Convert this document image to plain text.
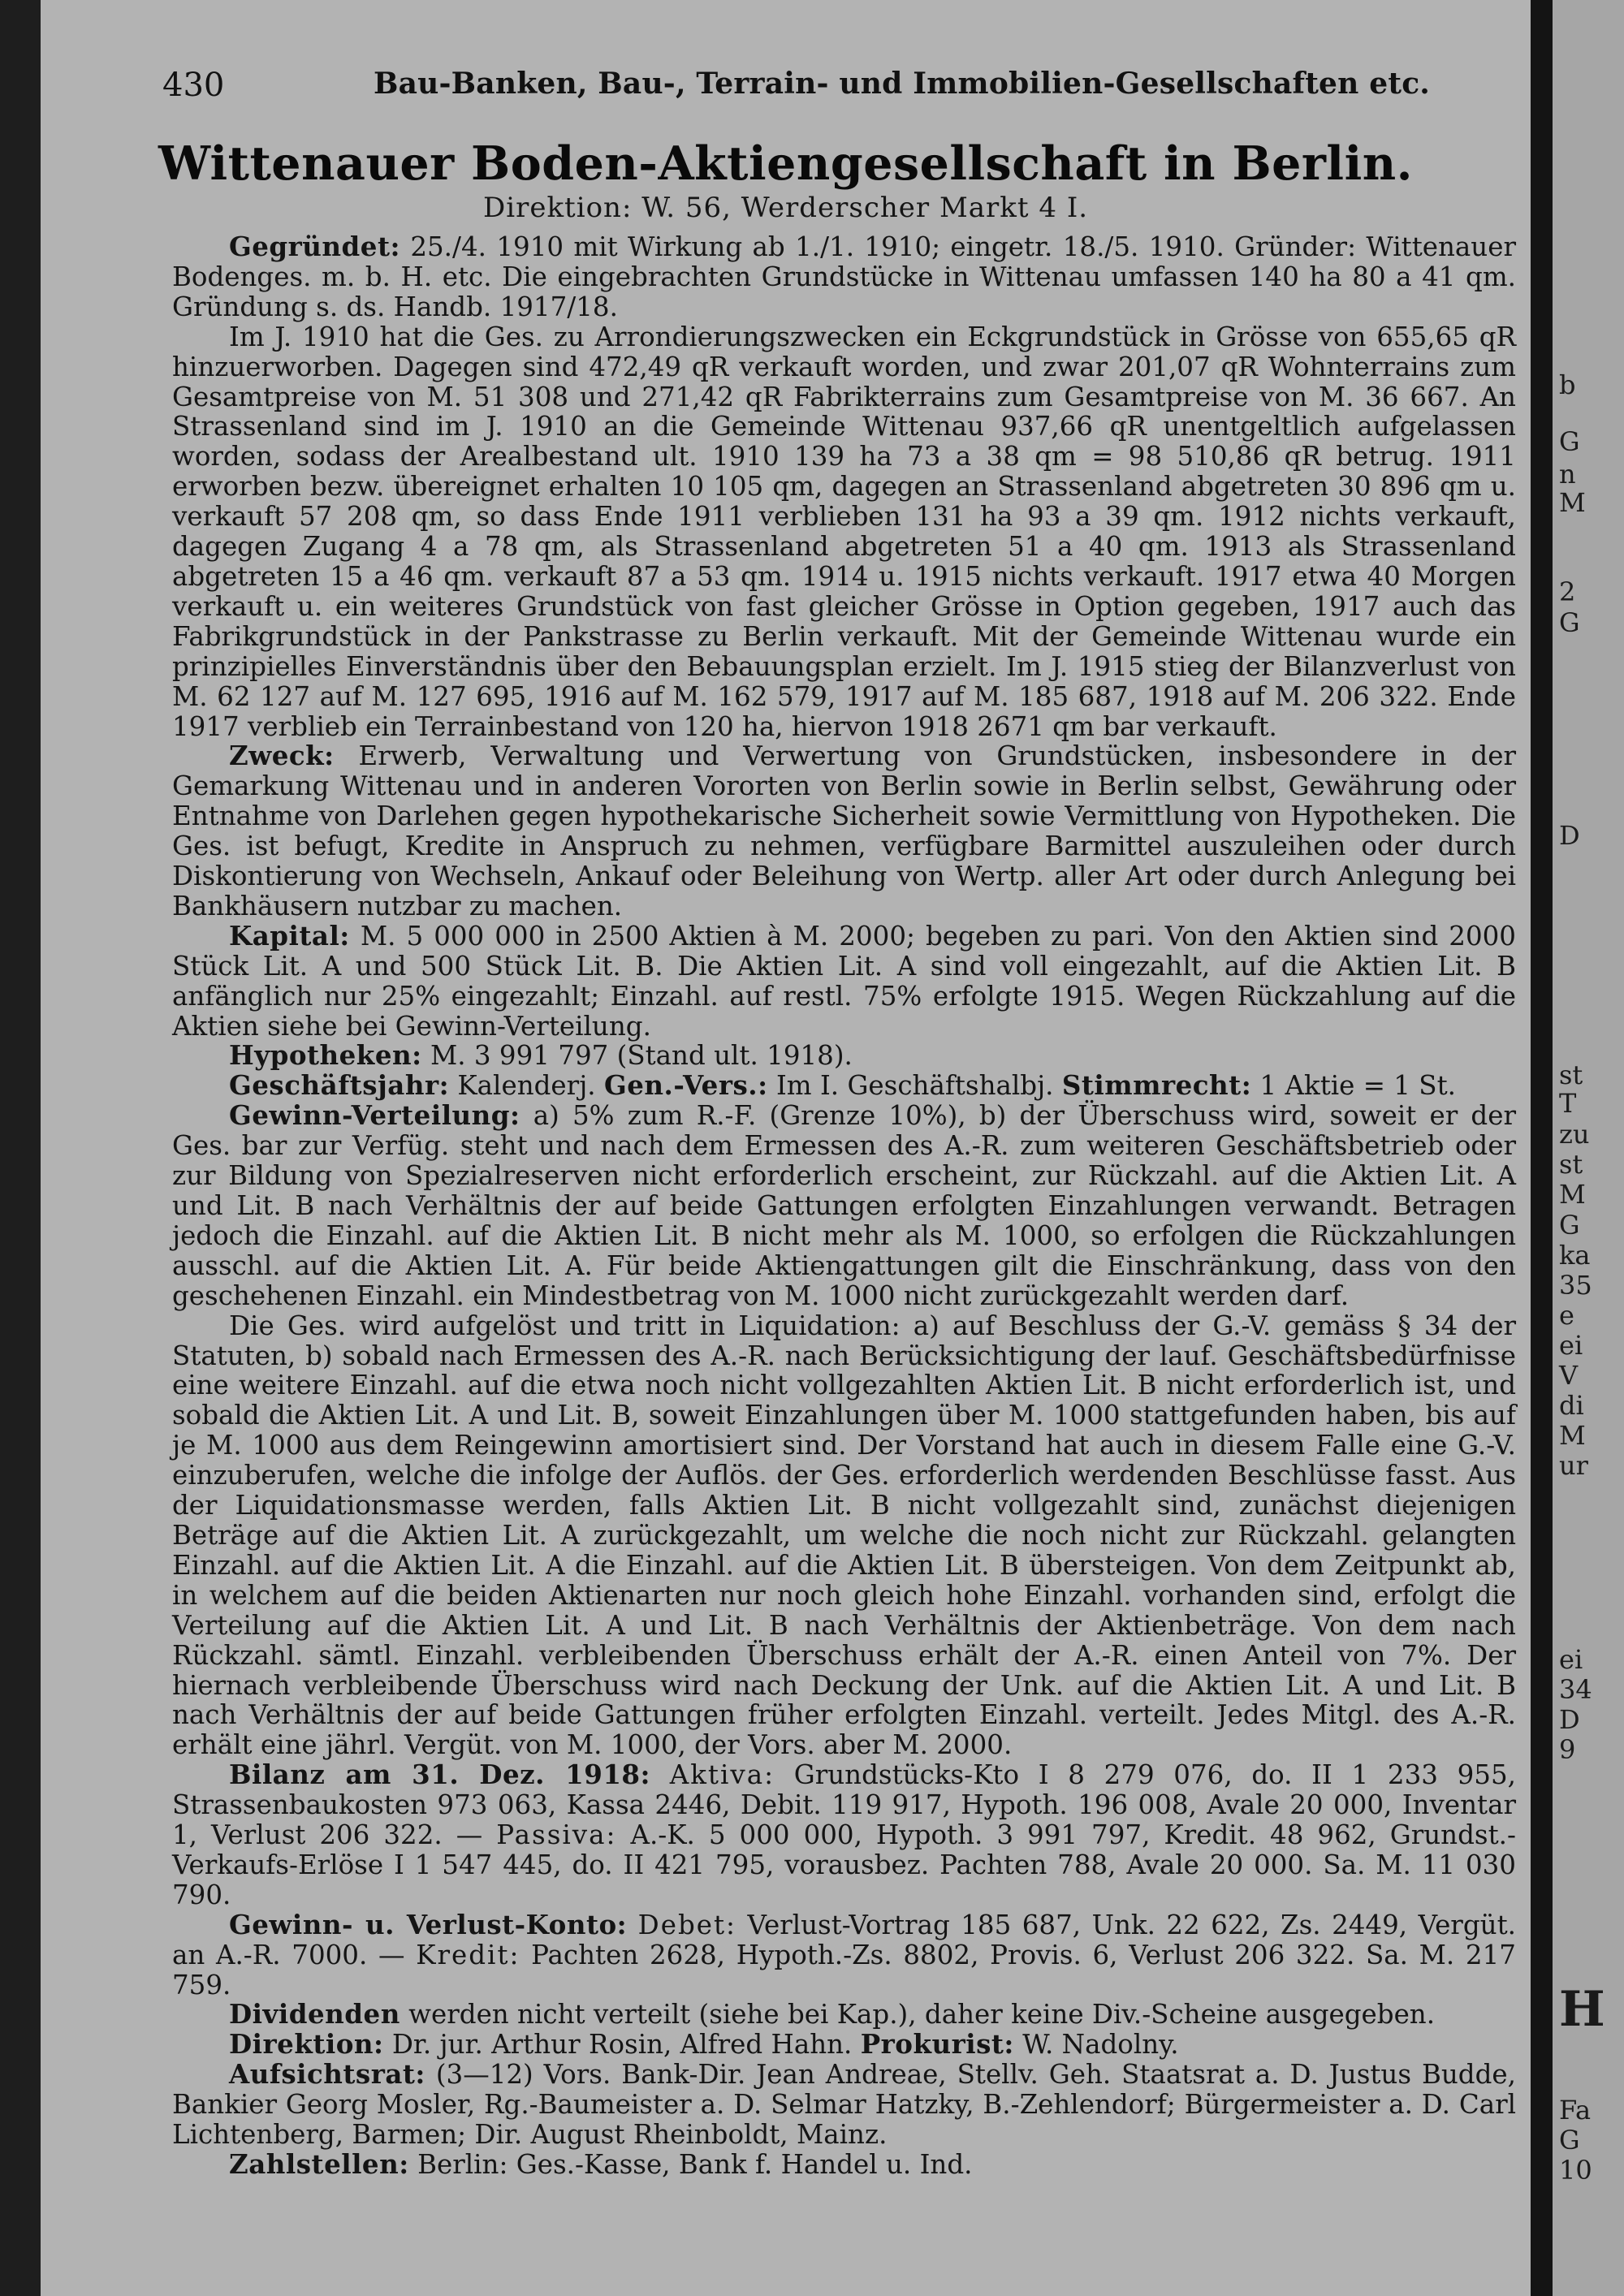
430	Bau-Banken, Bau-, Terrain- und Immobilien-Gesellschaften etc.
Wittenauer Boden-Aktiengesellschaft in Berlin.
Direktion: W. 56, Werderscher Markt 4 I.

Gegründet: 25./4. 1910 mit Wirkung ab 1./1. 1910; eingetr. 18./5. 1910. Gründer: Wittenauer Bodenges. m. b. H. etc. Die eingebrachten Grundstücke in Wittenau umfassen 140 ha 80 a 41 qm. Gründung s. ds. Handb. 1917/18.

Im J. 1910 hat die Ges. zu Arrondierungszwecken ein Eckgrundstück in Grösse von 655,65 qR hinzuerworben. Dagegen sind 472,49 qR verkauft worden, und zwar 201,07 qR Wohnterrains zum Gesamtpreise von M. 51 308 und 271,42 qR Fabrikterrains zum Gesamtpreise von M. 36 667. An Strassenland sind im J. 1910 an die Gemeinde Wittenau 937,66 qR unentgeltlich aufgelassen worden, sodass der Arealbestand ult. 1910 139 ha 73 a 38 qm = 98 510,86 qR betrug. 1911 erworben bezw. übereignet erhalten 10 105 qm, dagegen an Strassenland abgetreten 30 896 qm u. verkauft 57 208 qm, so dass Ende 1911 verblieben 131 ha 93 a 39 qm. 1912 nichts verkauft, dagegen Zugang 4 a 78 qm, als Strassenland abgetreten 51 a 40 qm. 1913 als Strassenland abgetreten 15 a 46 qm. verkauft 87 a 53 qm. 1914 u. 1915 nichts verkauft. 1917 etwa 40 Morgen verkauft u. ein weiteres Grundstück von fast gleicher Grösse in Option gegeben, 1917 auch das Fabrikgrundstück in der Pankstrasse zu Berlin verkauft. Mit der Gemeinde Wittenau wurde ein prinzipielles Einverständnis über den Bebauungsplan erzielt. Im J. 1915 stieg der Bilanzverlust von M. 62 127 auf M. 127 695, 1916 auf M. 162 579, 1917 auf M. 185 687, 1918 auf M. 206 322. Ende 1917 verblieb ein Terrainbestand von 120 ha, hiervon 1918 2671 qm bar verkauft.

Zweck: Erwerb, Verwaltung und Verwertung von Grundstücken, insbesondere in der Gemarkung Wittenau und in anderen Vororten von Berlin sowie in Berlin selbst, Gewährung oder Entnahme von Darlehen gegen hypothekarische Sicherheit sowie Vermittlung von Hypotheken. Die Ges. ist befugt, Kredite in Anspruch zu nehmen, verfügbare Barmittel auszuleihen oder durch Diskontierung von Wechseln, Ankauf oder Beleihung von Wertp. aller Art oder durch Anlegung bei Bankhäusern nutzbar zu machen.

Kapital: M. 5 000 000 in 2500 Aktien à M. 2000; begeben zu pari. Von den Aktien sind 2000 Stück Lit. A und 500 Stück Lit. B. Die Aktien Lit. A sind voll eingezahlt, auf die Aktien Lit. B anfänglich nur 25% eingezahlt; Einzahl. auf restl. 75% erfolgte 1915. Wegen Rückzahlung auf die Aktien siehe bei Gewinn-Verteilung.

Hypotheken: M. 3 991 797 (Stand ult. 1918).

Geschäftsjahr: Kalenderj. Gen.-Vers.: Im I. Geschäftshalbj. Stimmrecht: 1 Aktie = 1 St.

Gewinn-Verteilung: a) 5% zum R.-F. (Grenze 10%), b) der Überschuss wird, soweit er der Ges. bar zur Verfüg. steht und nach dem Ermessen des A.-R. zum weiteren Geschäftsbetrieb oder zur Bildung von Spezialreserven nicht erforderlich erscheint, zur Rückzahl. auf die Aktien Lit. A und Lit. B nach Verhältnis der auf beide Gattungen erfolgten Einzahlungen verwandt. Betragen jedoch die Einzahl. auf die Aktien Lit. B nicht mehr als M. 1000, so erfolgen die Rückzahlungen ausschl. auf die Aktien Lit. A. Für beide Aktiengattungen gilt die Einschränkung, dass von den geschehenen Einzahl. ein Mindestbetrag von M. 1000 nicht zurückgezahlt werden darf.

Die Ges. wird aufgelöst und tritt in Liquidation: a) auf Beschluss der G.-V. gemäss § 34 der Statuten, b) sobald nach Ermessen des A.-R. nach Berücksichtigung der lauf. Geschäftsbedürfnisse eine weitere Einzahl. auf die etwa noch nicht vollgezahlten Aktien Lit. B nicht erforderlich ist, und sobald die Aktien Lit. A und Lit. B, soweit Einzahlungen über M. 1000 stattgefunden haben, bis auf je M. 1000 aus dem Reingewinn amortisiert sind. Der Vorstand hat auch in diesem Falle eine G.-V. einzuberufen, welche die infolge der Auflös. der Ges. erforderlich werdenden Beschlüsse fasst. Aus der Liquidationsmasse werden, falls Aktien Lit. B nicht vollgezahlt sind, zunächst diejenigen Beträge auf die Aktien Lit. A zurückgezahlt, um welche die noch nicht zur Rückzahl. gelangten Einzahl. auf die Aktien Lit. A die Einzahl. auf die Aktien Lit. B übersteigen. Von dem Zeitpunkt ab, in welchem auf die beiden Aktienarten nur noch gleich hohe Einzahl. vorhanden sind, erfolgt die Verteilung auf die Aktien Lit. A und Lit. B nach Verhältnis der Aktienbeträge. Von dem nach Rückzahl. sämtl. Einzahl. verbleibenden Überschuss erhält der A.-R. einen Anteil von 7%. Der hiernach verbleibende Überschuss wird nach Deckung der Unk. auf die Aktien Lit. A und Lit. B nach Verhältnis der auf beide Gattungen früher erfolgten Einzahl. verteilt. Jedes Mitgl. des A.-R. erhält eine jährl. Vergüt. von M. 1000, der Vors. aber M. 2000.

Bilanz am 31. Dez. 1918: Aktiva: Grundstücks-Kto I 8 279 076, do. II 1 233 955, Strassenbaukosten 973 063, Kassa 2446, Debit. 119 917, Hypoth. 196 008, Avale 20 000, Inventar 1, Verlust 206 322. — Passiva: A.-K. 5 000 000, Hypoth. 3 991 797, Kredit. 48 962, Grundst.-Verkaufs-Erlöse I 1 547 445, do. II 421 795, vorausbez. Pachten 788, Avale 20 000. Sa. M. 11 030 790.

Gewinn- u. Verlust-Konto: Debet: Verlust-Vortrag 185 687, Unk. 22 622, Zs. 2449, Vergüt. an A.-R. 7000. — Kredit: Pachten 2628, Hypoth.-Zs. 8802, Provis. 6, Verlust 206 322. Sa. M. 217 759.

Dividenden werden nicht verteilt (siehe bei Kap.), daher keine Div.-Scheine ausgegeben.

Direktion: Dr. jur. Arthur Rosin, Alfred Hahn. Prokurist: W. Nadolny.

Aufsichtsrat: (3—12) Vors. Bank-Dir. Jean Andreae, Stellv. Geh. Staatsrat a. D. Justus Budde, Bankier Georg Mosler, Rg.-Baumeister a. D. Selmar Hatzky, B.-Zehlendorf; Bürgermeister a. D. Carl Lichtenberg, Barmen; Dir. August Rheinboldt, Mainz.

Zahlstellen: Berlin: Ges.-Kasse, Bank f. Handel u. Ind.

b
G
n
M
2
G
D
st
T
zu
st
M
G
ka
35
e
ei
V
di
M
ur
ei
34
D
9
H
Fa
G
10
